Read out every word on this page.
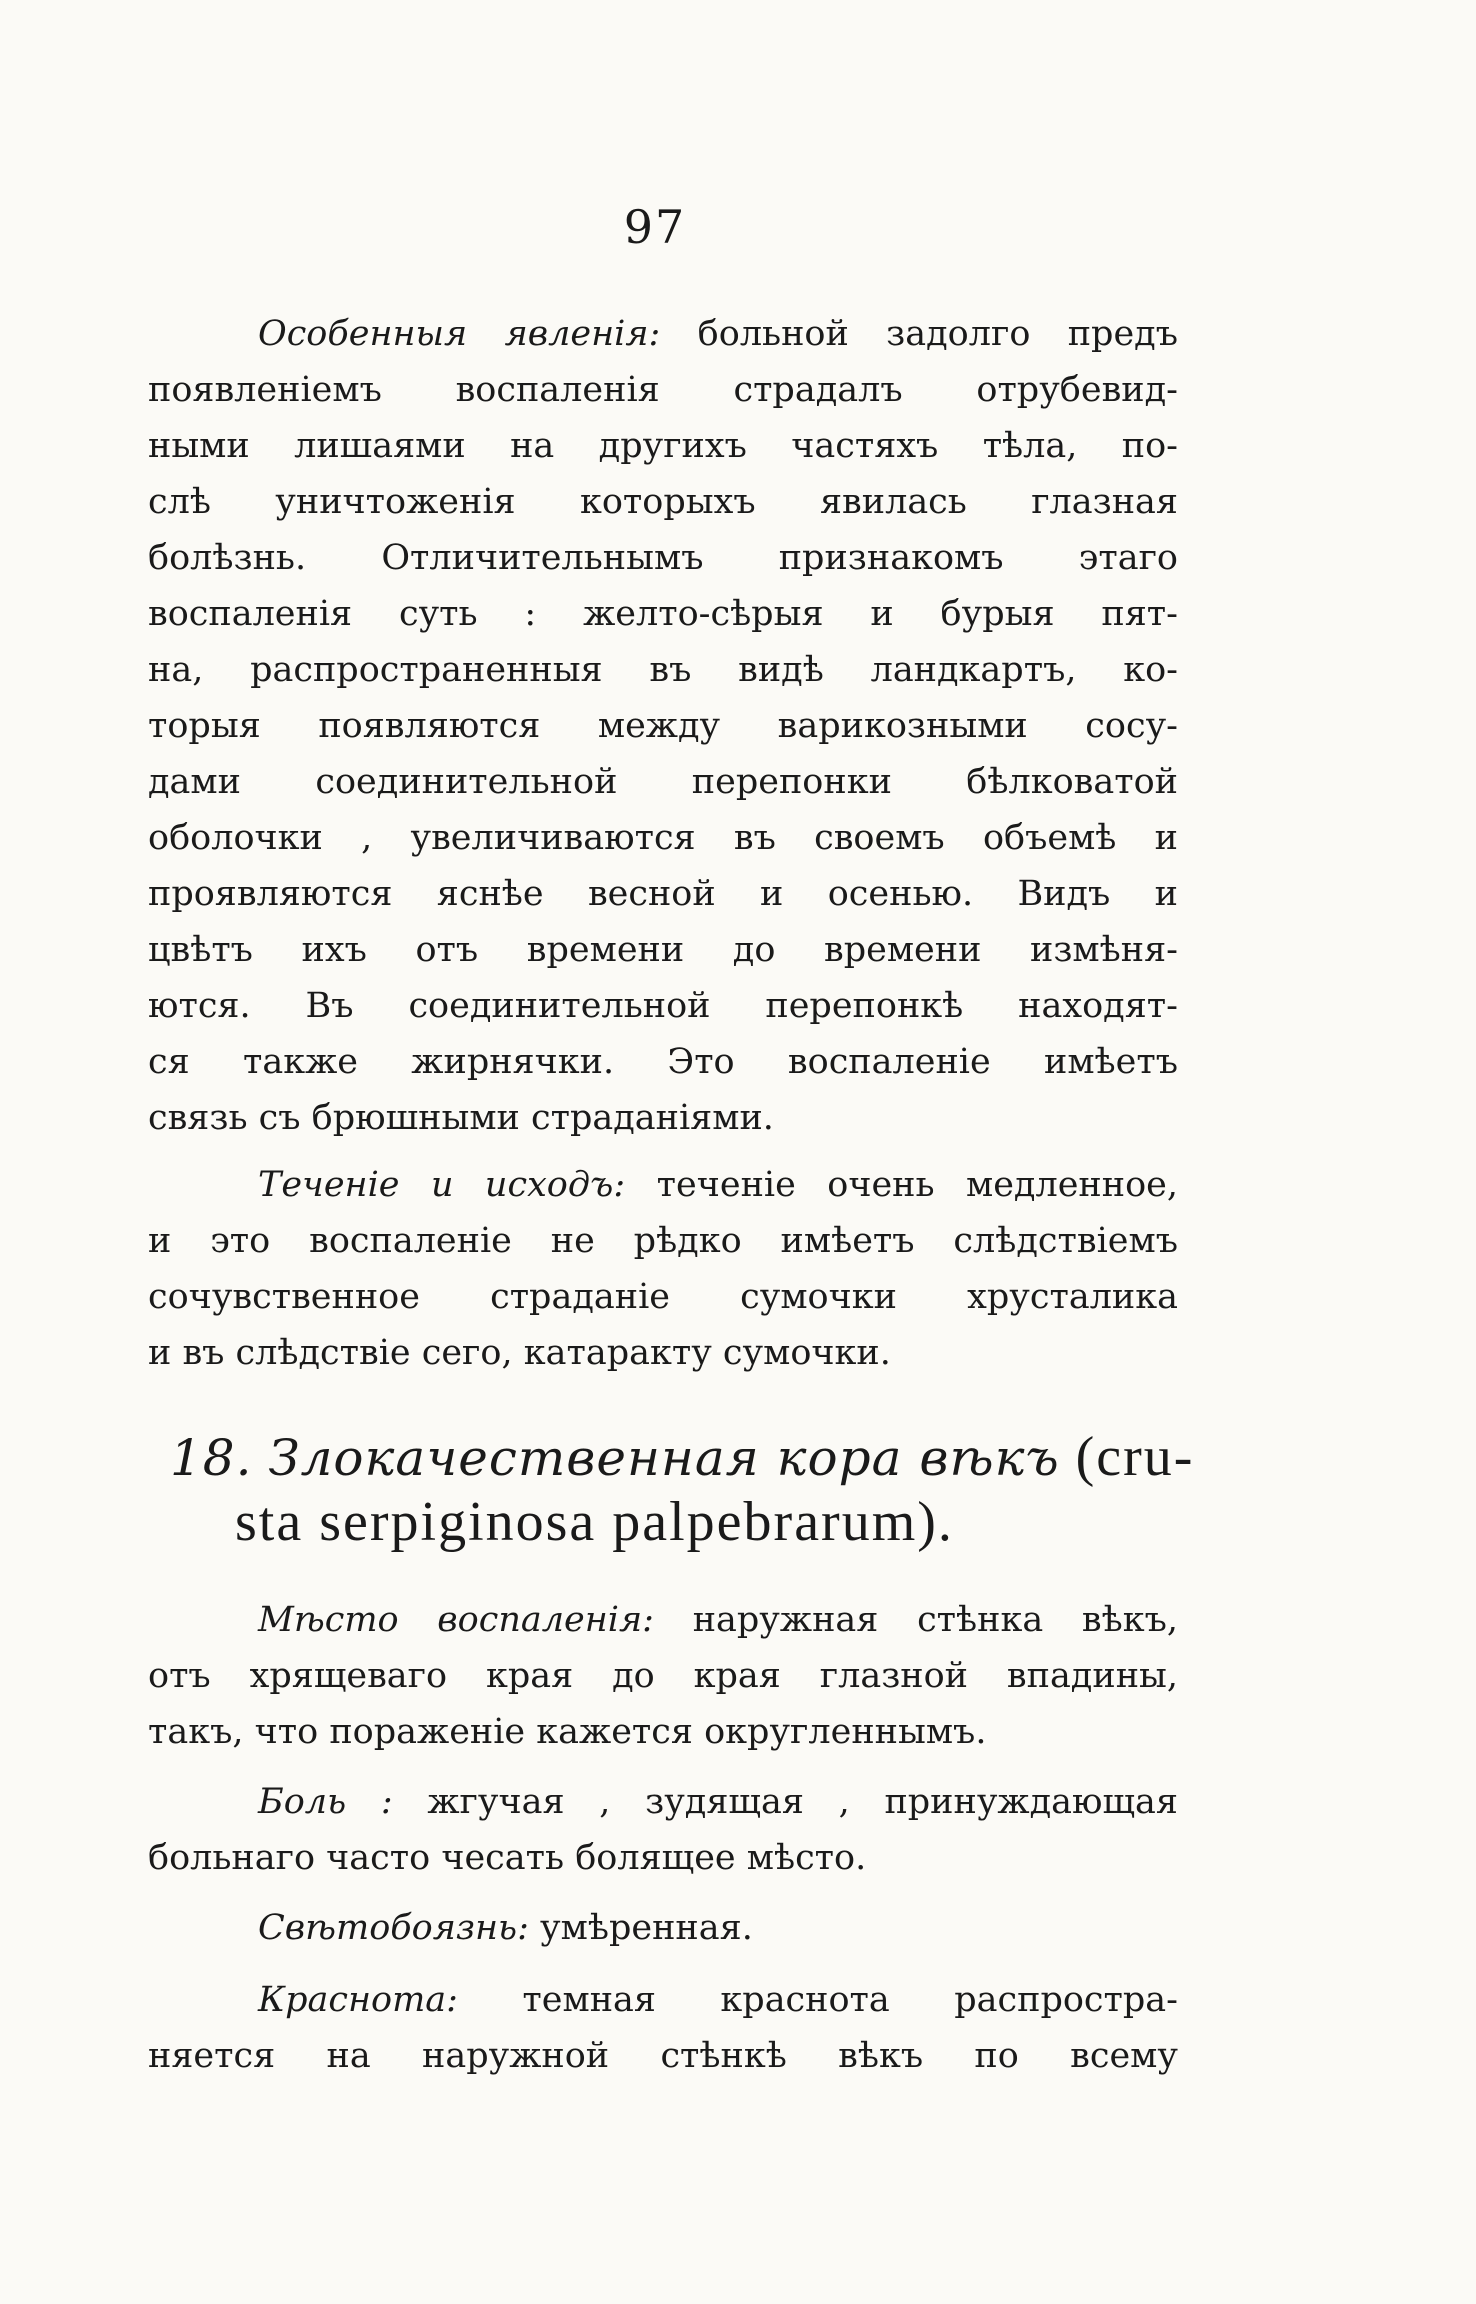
97
Особенныя явленія: больной задолго предъ
появленіемъ воспаленія страдалъ отрубевид-
ными лишаями на другихъ частяхъ тѣла, по-
слѣ уничтоженія которыхъ явилась глазная
болѣзнь. Отличительнымъ признакомъ этаго
воспаленія суть : желто-сѣрыя и бурыя пят-
на, распространенныя въ видѣ ландкартъ, ко-
торыя появляются между варикозными сосу-
дами соединительной перепонки бѣлковатой
оболочки , увеличиваются въ своемъ объемѣ и
проявляются яснѣе весной и осенью. Видъ и
цвѣтъ ихъ отъ времени до времени измѣня-
ются. Въ соединительной перепонкѣ находят-
ся также жирнячки. Это воспаленіе имѣетъ
связь съ брюшными страданіями.
Теченіе и исходъ: теченіе очень медленное,
и это воспаленіе не рѣдко имѣетъ слѣдствіемъ
сочувственное страданіе сумочки хрусталика
и въ слѣдствіе сего, катаракту сумочки.
18. Злокачественная кора вѣкъ (cru-
sta serpiginosa palpebrarum).
Мѣсто воспаленія: наружная стѣнка вѣкъ,
отъ хрящеваго края до края глазной впадины,
такъ, что пораженіе кажется округленнымъ.
Боль : жгучая , зудящая , принуждающая
больнаго часто чесать болящее мѣсто.
Свѣтобоязнь: умѣренная.
Краснота: темная краснота распростра-
няется на наружной стѣнкѣ вѣкъ по всему
